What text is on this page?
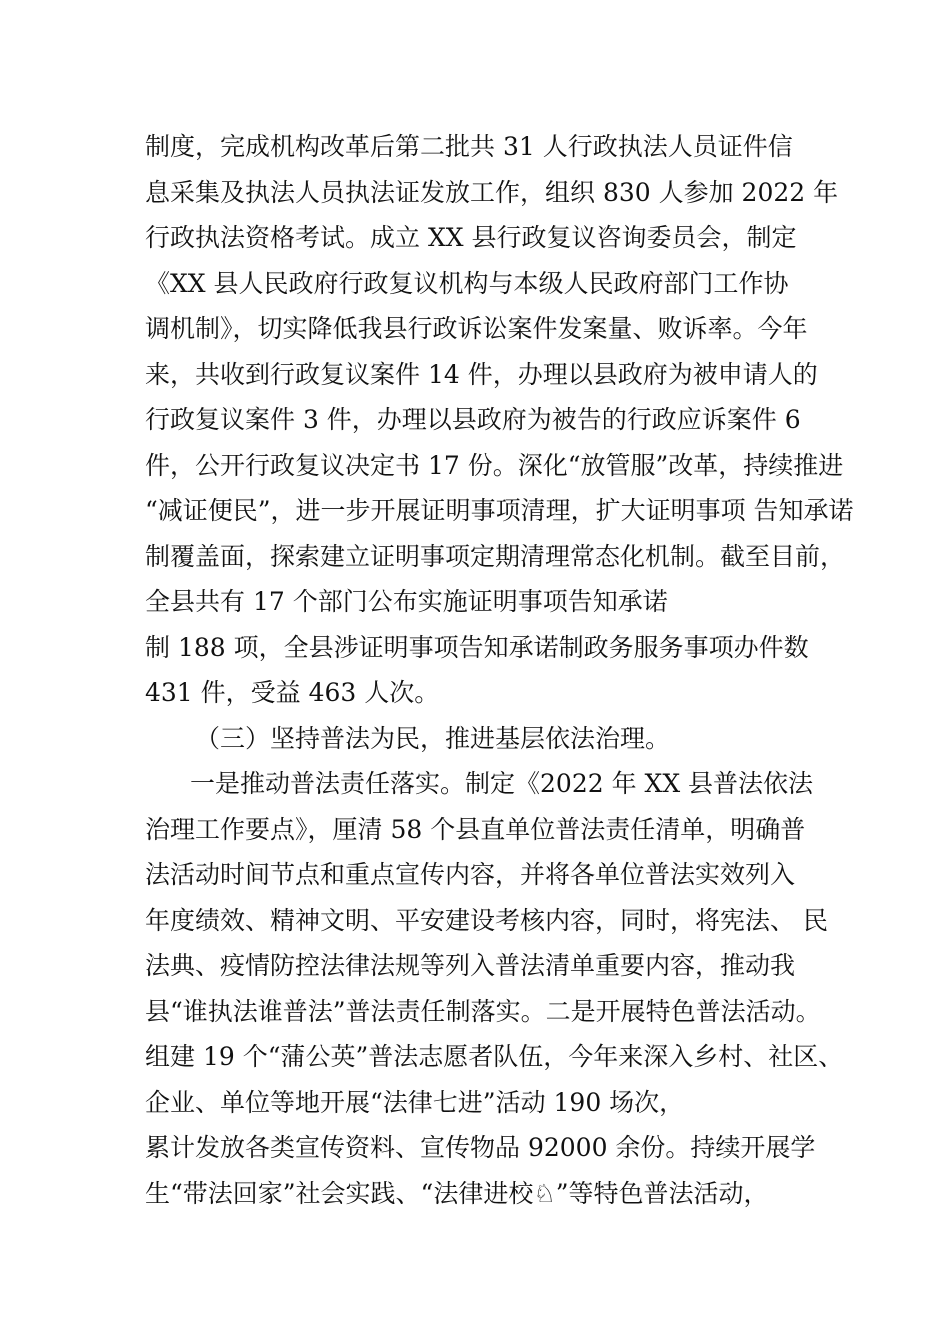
制度，完成机构改革后第二批共 31 人行政执法人员证件信
息采集及执法人员执法证发放工作，组织 830 人参加 2022 年
行政执法资格考试。成立 XX 县行政复议咨询委员会，制定
《XX 县人民政府行政复议机构与本级人民政府部门工作协
调机制》，切实降低我县行政诉讼案件发案量、败诉率。今年
来，共收到行政复议案件 14 件，办理以县政府为被申请人的
行政复议案件 3 件，办理以县政府为被告的行政应诉案件 6
件，公开行政复议决定书 17 份。深化“放管服”改革，持续推进
“减证便民”，进一步开展证明事项清理，扩大证明事项 告知承诺
制覆盖面，探索建立证明事项定期清理常态化机制。截至目前，
全县共有 17 个部门公布实施证明事项告知承诺
制 188 项，全县涉证明事项告知承诺制政务服务事项办件数
431 件，受益 463 人次。
（三）坚持普法为民，推进基层依法治理。
一是推动普法责任落实。制定《2022 年 XX 县普法依法
治理工作要点》，厘清 58 个县直单位普法责任清单，明确普
法活动时间节点和重点宣传内容，并将各单位普法实效列入
年度绩效、精神文明、平安建设考核内容，同时，将宪法、 民
法典、疫情防控法律法规等列入普法清单重要内容，推动我
县“谁执法谁普法”普法责任制落实。二是开展特色普法活动。
组建 19 个“蒲公英”普法志愿者队伍，今年来深入乡村、社区、
企业、单位等地开展“法律七进”活动 190 场次，
累计发放各类宣传资料、宣传物品 92000 余份。持续开展学
生“带法回家”社会实践、“法律进校♘”等特色普法活动，
